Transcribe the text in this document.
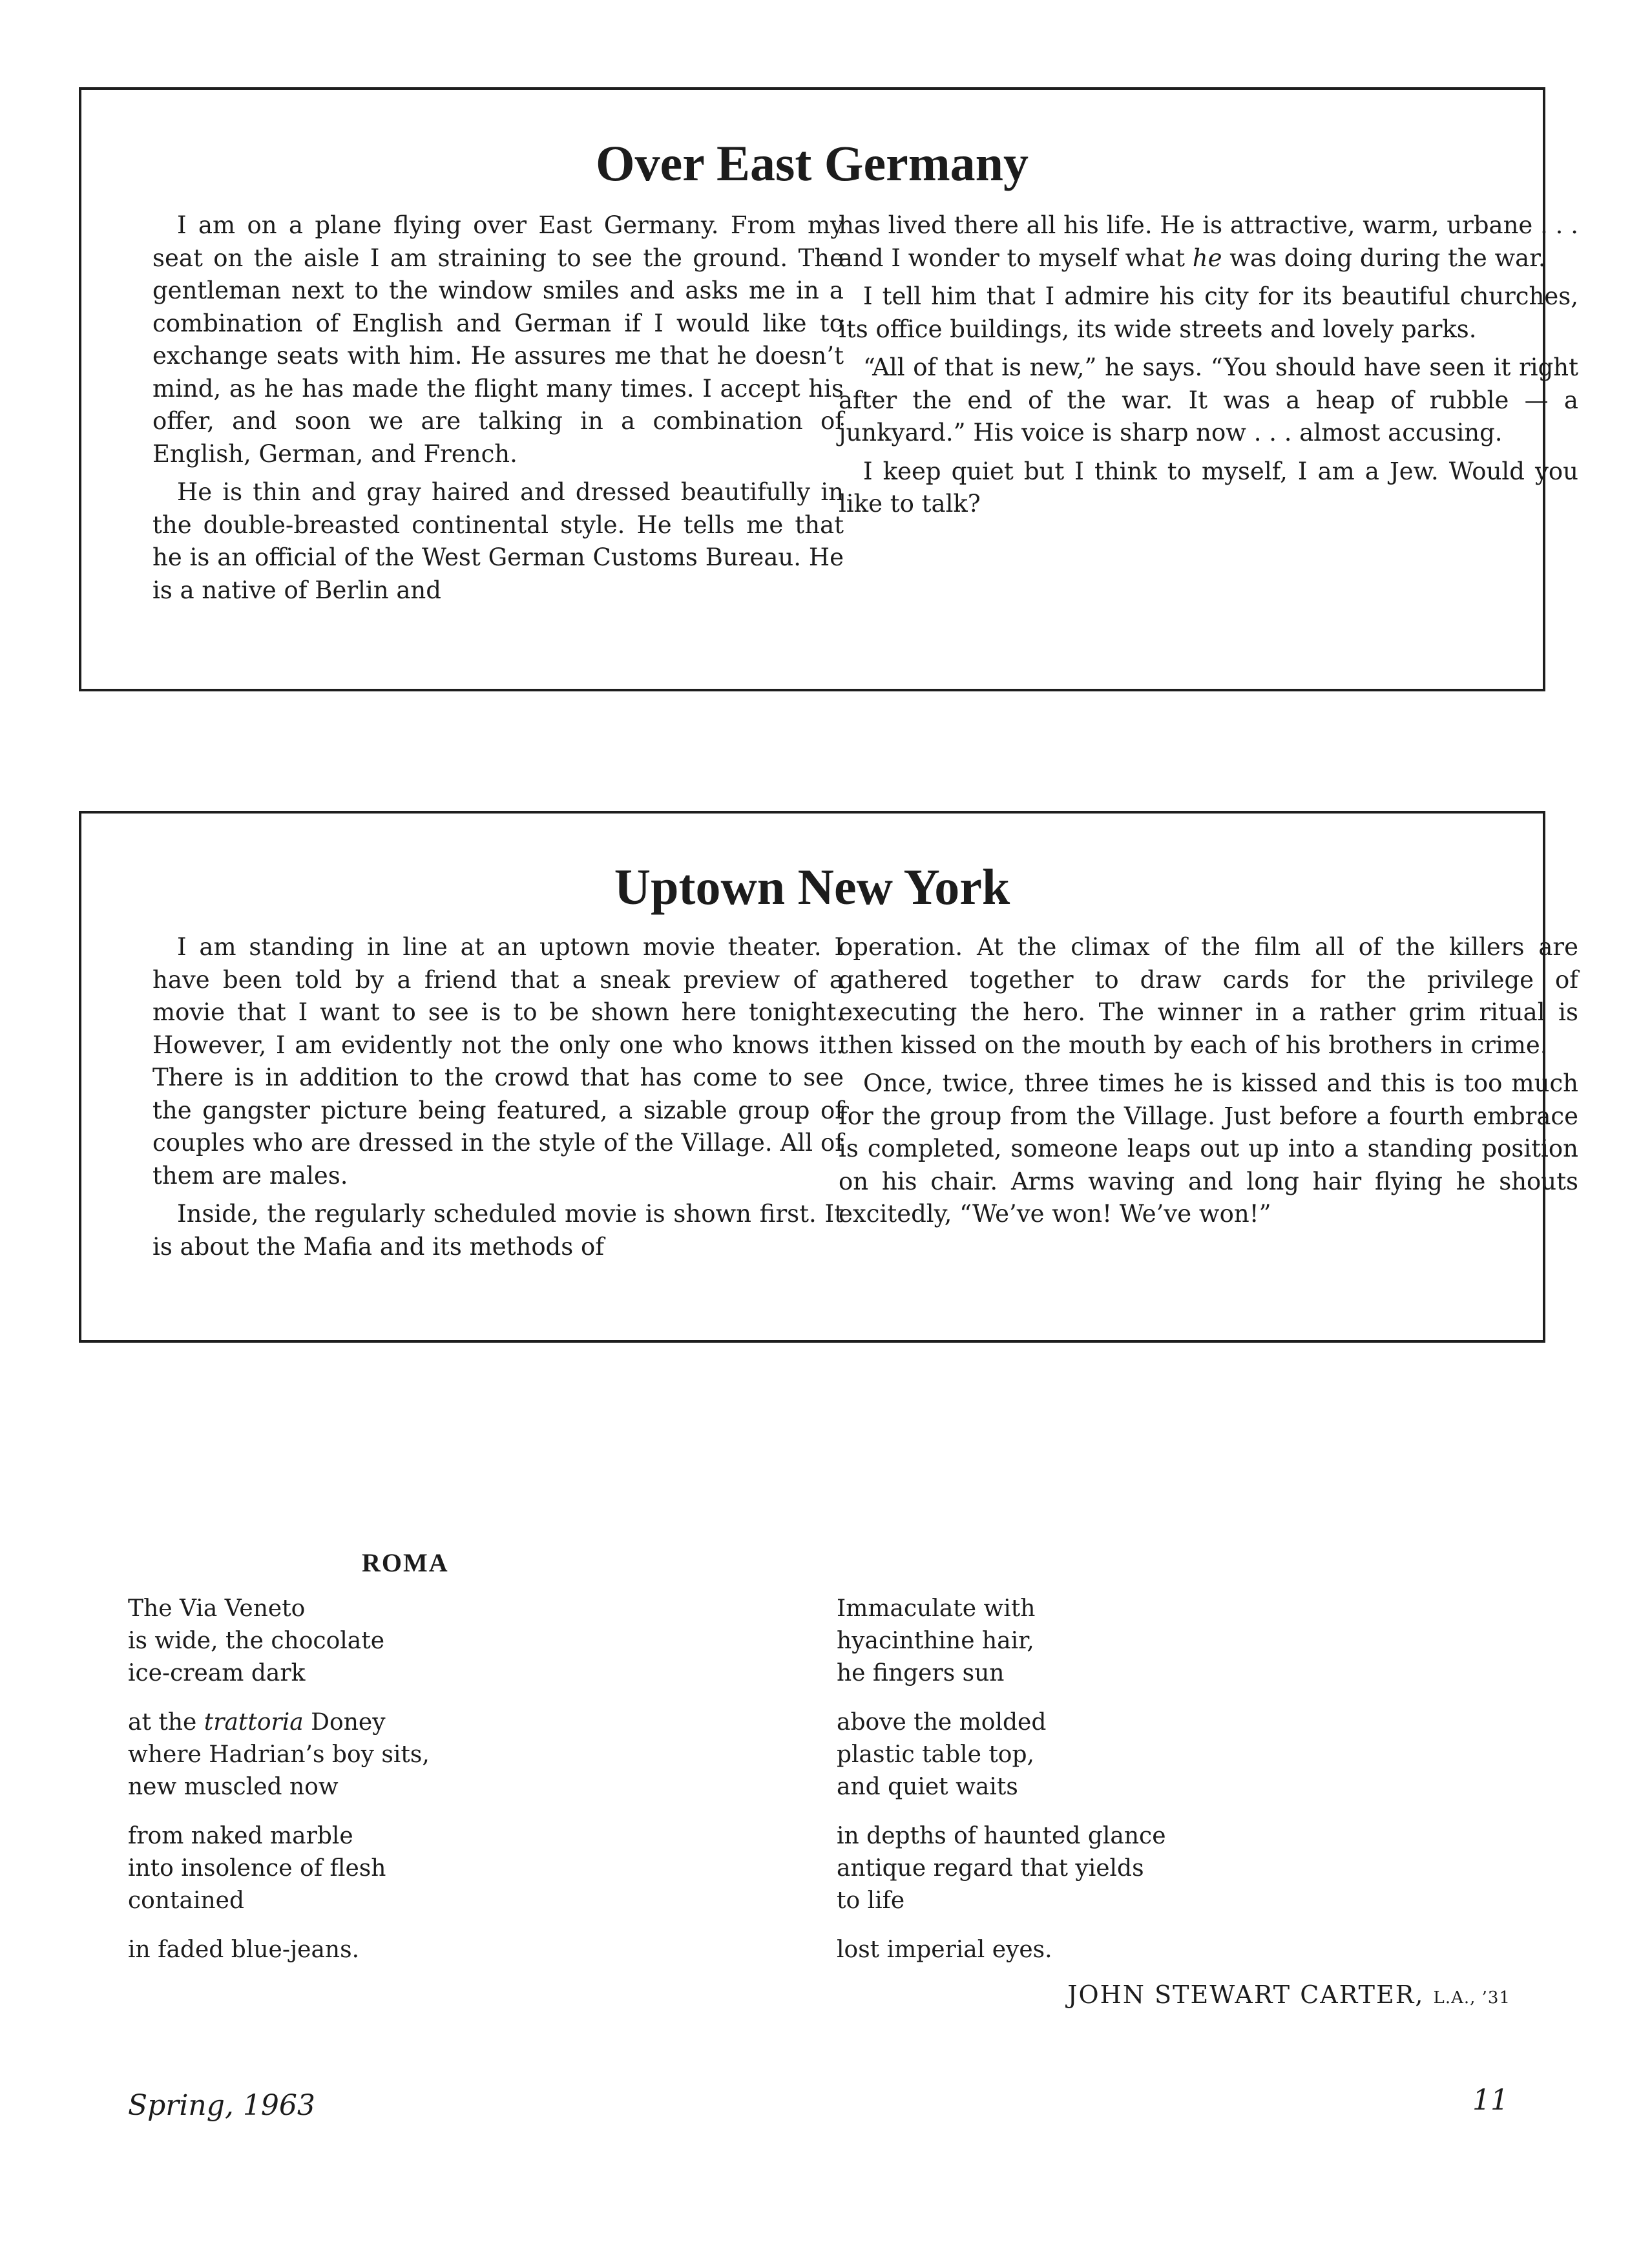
Over East Germany

I am on a plane flying over East Germany. From my seat on the aisle I am straining to see the ground. The gentleman next to the window smiles and asks me in a combination of English and German if I would like to exchange seats with him. He assures me that he doesn’t mind, as he has made the flight many times. I accept his offer, and soon we are talking in a combination of English, German, and French.

He is thin and gray haired and dressed beautifully in the double-breasted continental style. He tells me that he is an official of the West German Customs Bureau. He is a native of Berlin and

has lived there all his life. He is attractive, warm, urbane . . . and I wonder to myself what he was doing during the war.

I tell him that I admire his city for its beautiful churches, its office buildings, its wide streets and lovely parks.

“All of that is new,” he says. “You should have seen it right after the end of the war. It was a heap of rubble — a junkyard.” His voice is sharp now . . . almost accusing.

I keep quiet but I think to myself, I am a Jew. Would you like to talk?

Uptown New York

I am standing in line at an uptown movie theater. I have been told by a friend that a sneak preview of a movie that I want to see is to be shown here tonight. However, I am evidently not the only one who knows it. There is in addition to the crowd that has come to see the gangster picture being featured, a sizable group of couples who are dressed in the style of the Village. All of them are males.

Inside, the regularly scheduled movie is shown first. It is about the Mafia and its methods of

operation. At the climax of the film all of the killers are gathered together to draw cards for the privilege of executing the hero. The winner in a rather grim ritual is then kissed on the mouth by each of his brothers in crime.

Once, twice, three times he is kissed and this is too much for the group from the Village. Just before a fourth embrace is completed, someone leaps out up into a standing position on his chair. Arms waving and long hair flying he shouts excitedly, “We’ve won! We’ve won!”

ROMA
The Via Veneto
is wide, the chocolate
ice-cream dark
at the trattoria Doney
where Hadrian’s boy sits,
new muscled now
from naked marble
into insolence of flesh
contained
in faded blue-jeans.
Immaculate with
hyacinthine hair,
he fingers sun
above the molded
plastic table top,
and quiet waits
in depths of haunted glance
antique regard that yields
to life
lost imperial eyes.
JOHN STEWART CARTER, L.A., ’31
Spring, 1963	11
